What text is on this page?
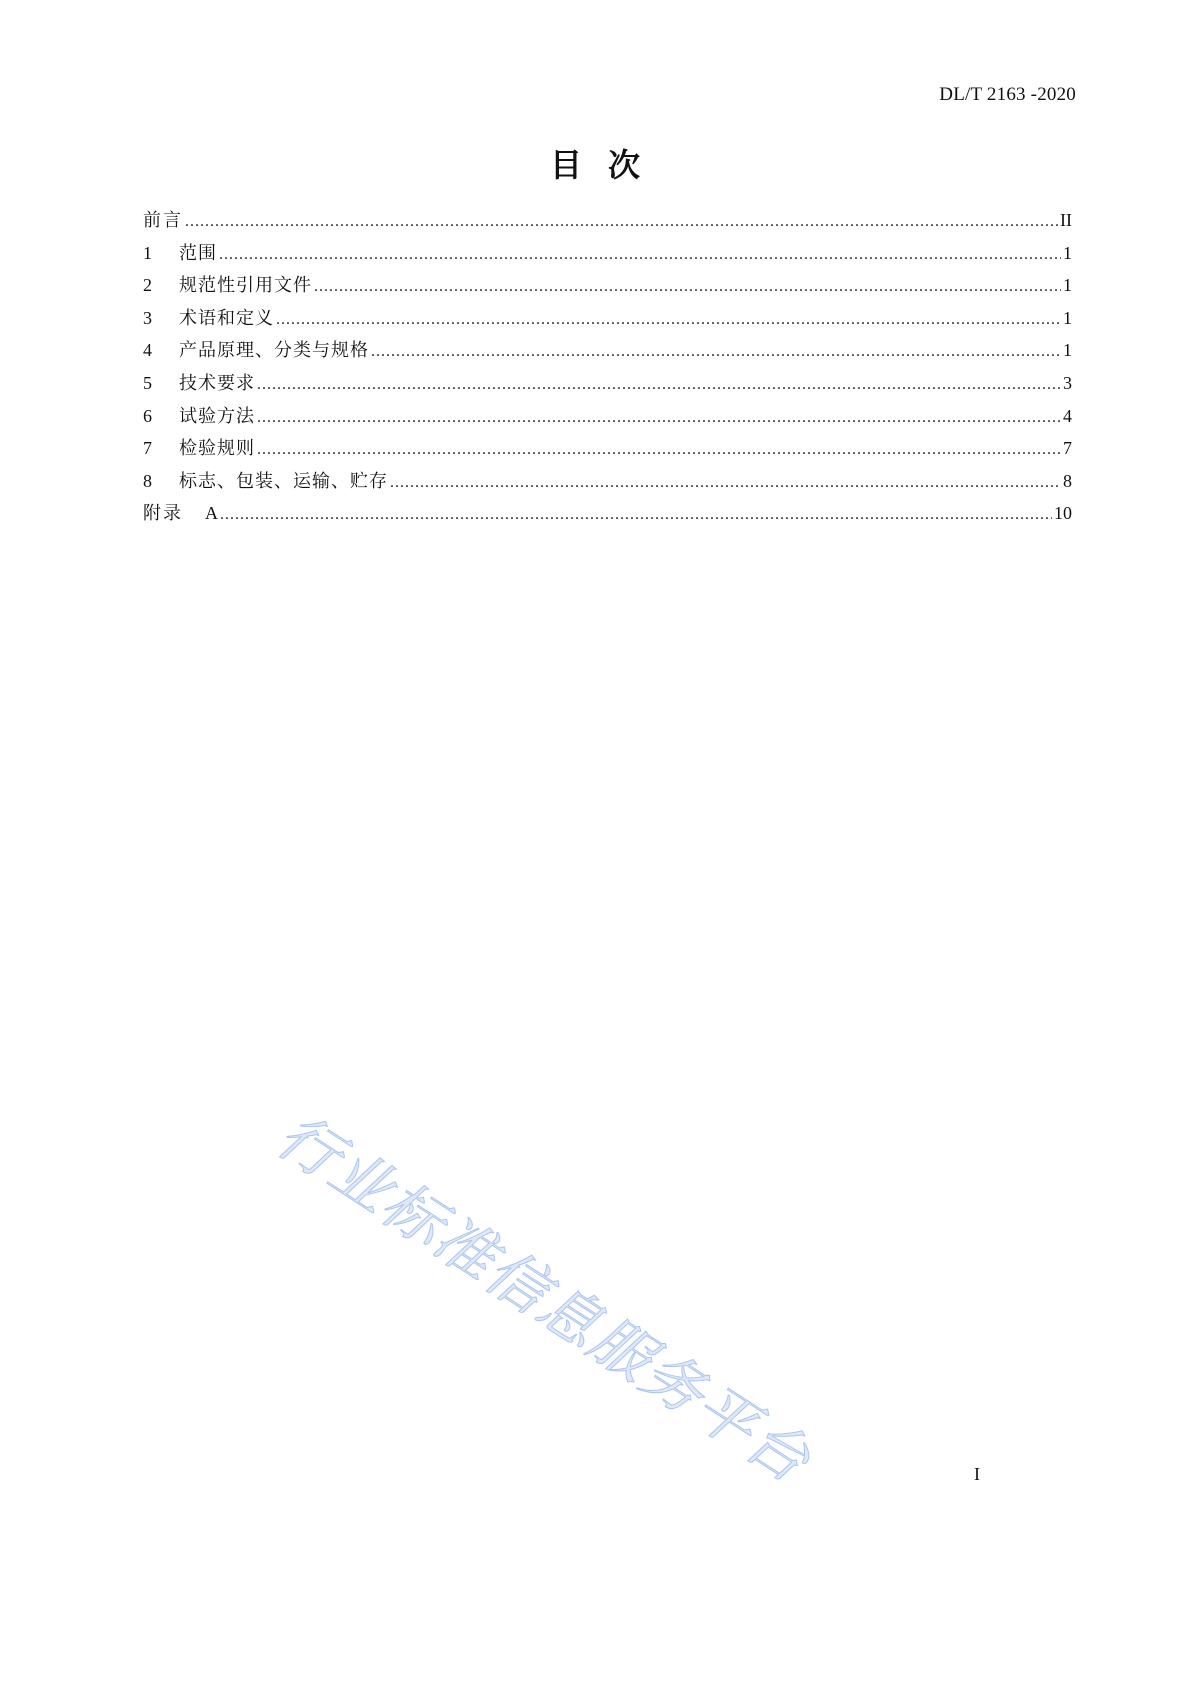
DL/T 2163 -2020
目次
前言 .....	II
1	范围 .....	1
2	规范性引用文件 .....	1
3	术语和定义 .....	1
4	产品原理、分类与规格 .....	1
5	技术要求 .....	3
6	试验方法 .....	4
7	检验规则 .....	7
8	标志、包装、运输、贮存 .....	8
附录 A .....	10
行业标准信息服务平台	I
